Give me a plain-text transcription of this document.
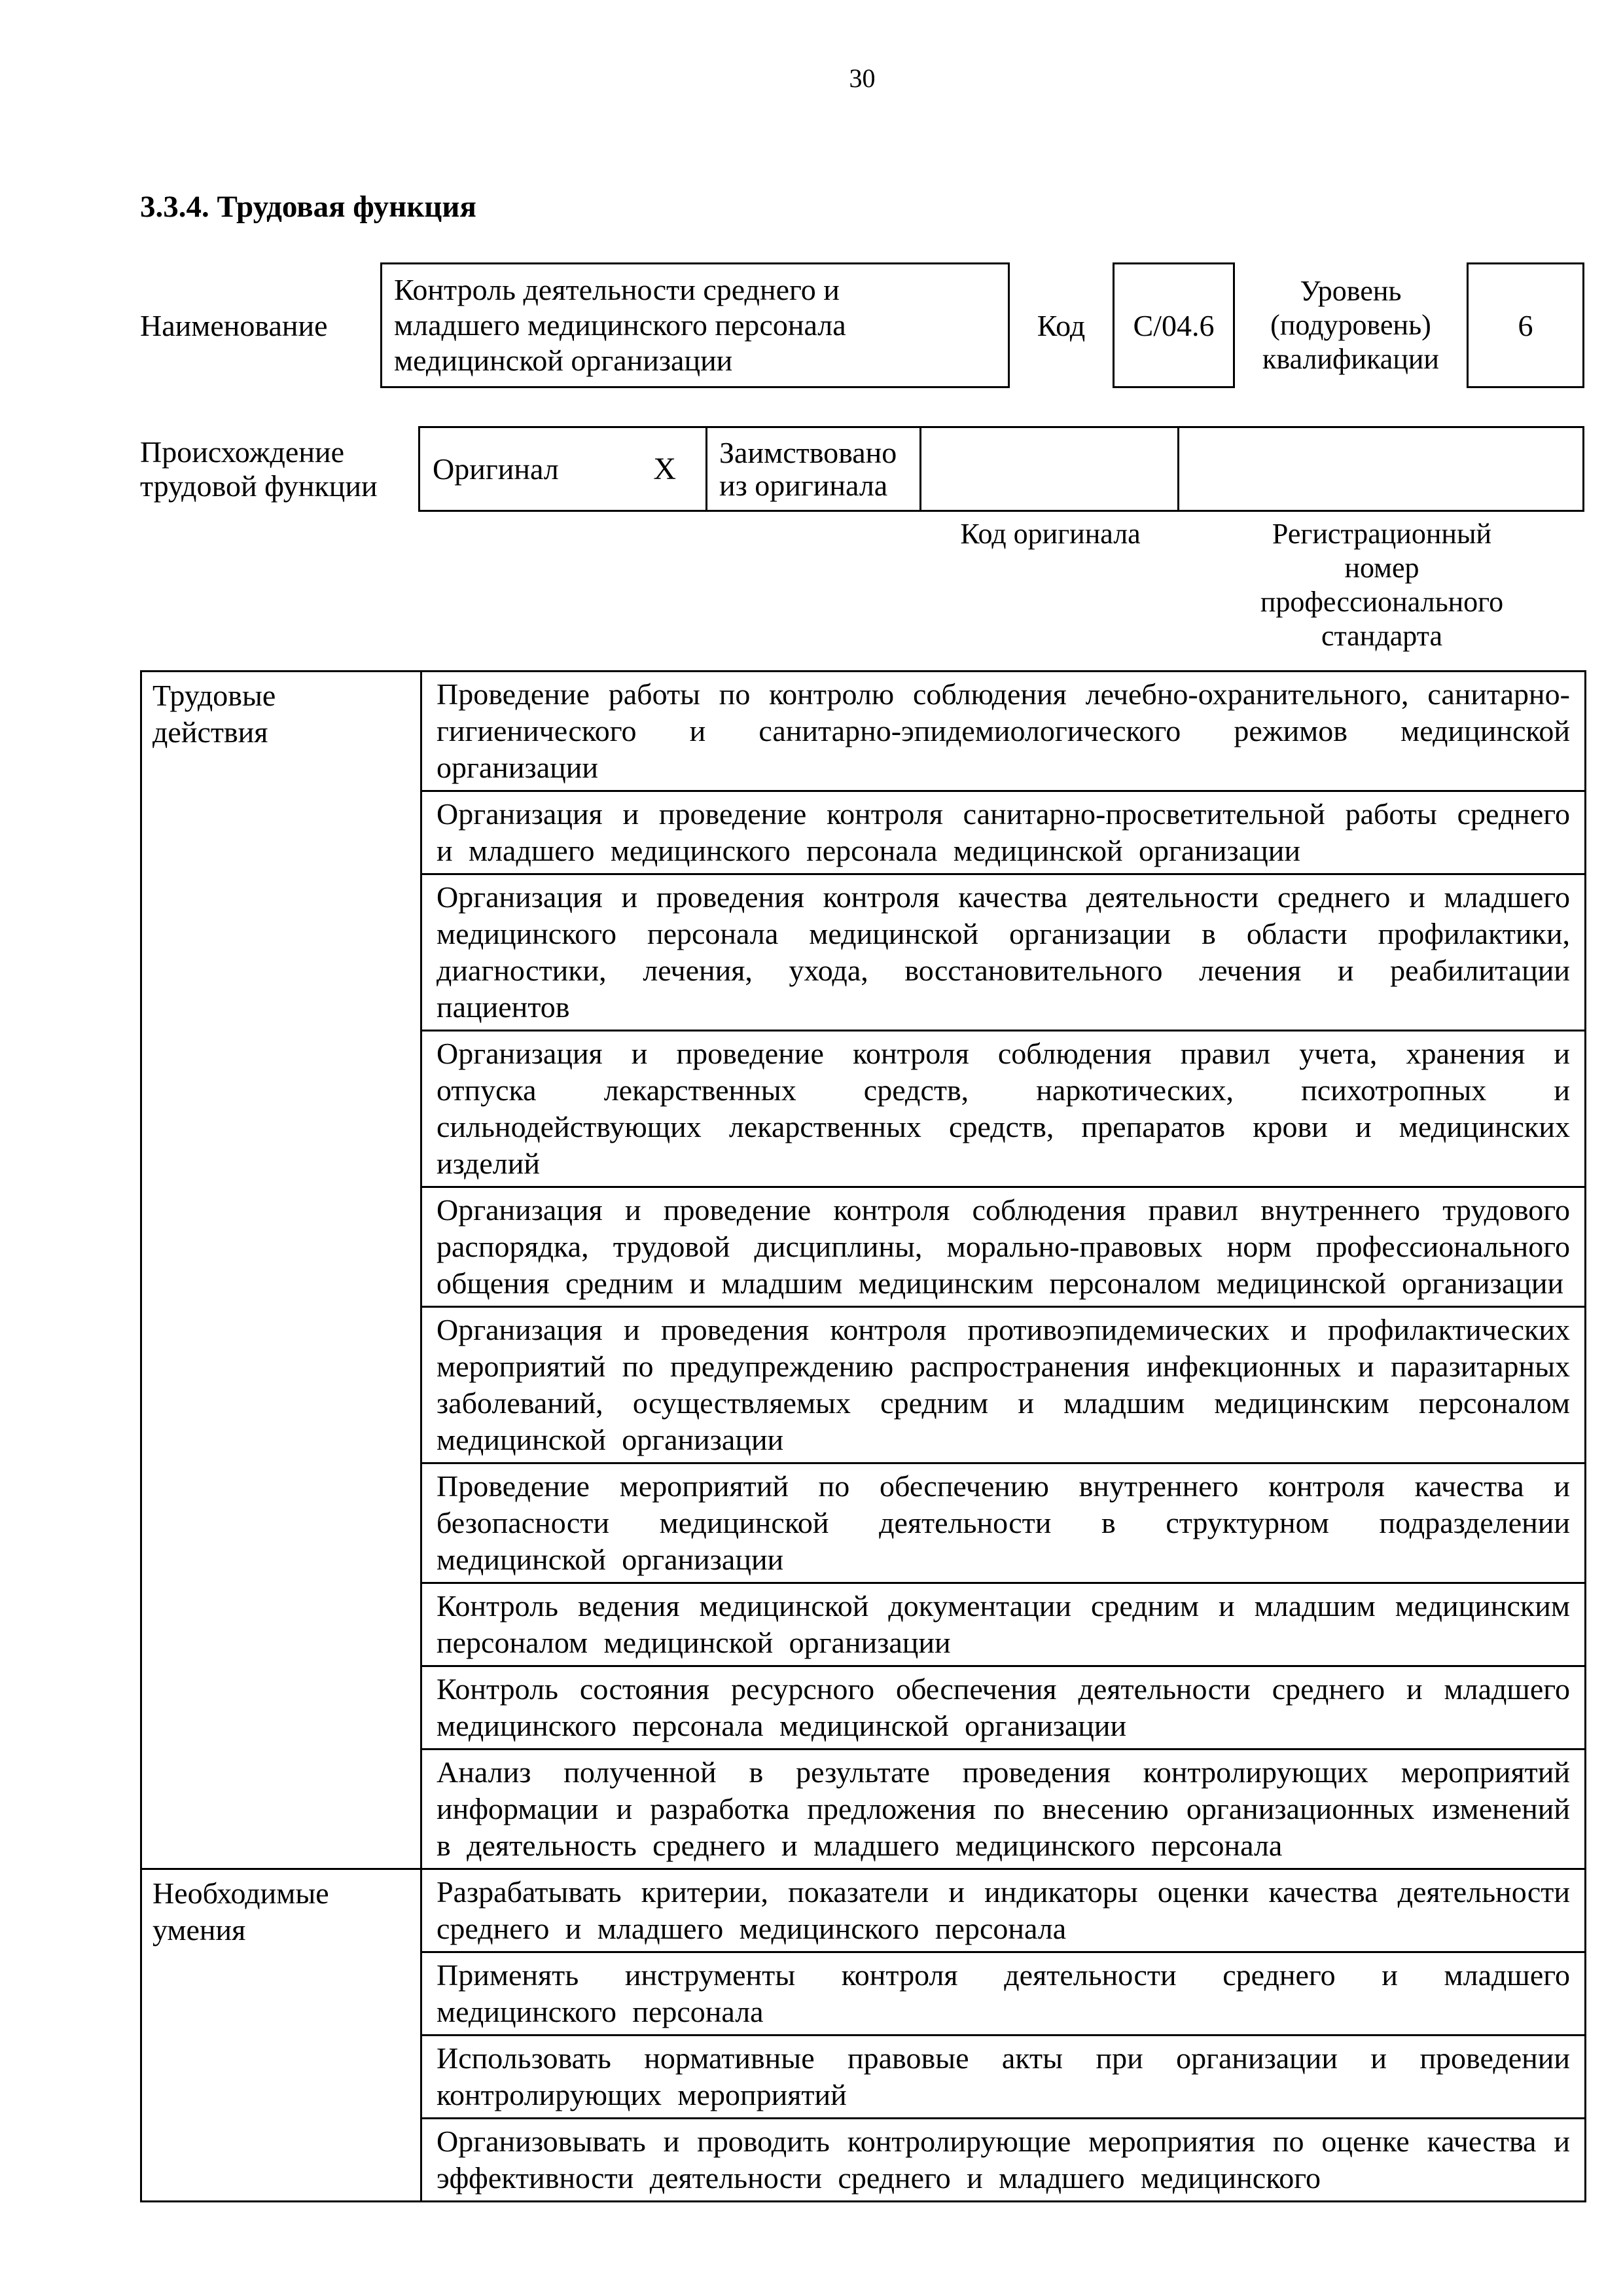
30
3.3.4. Трудовая функция
Наименование
Контроль деятельности среднего и младшего медицинского персонала медицинской организации
Код	С/04.6
Уровень (подуровень) квалификации
6
Происхождение трудовой функции
Оригинал	X	Заимствовано из оригинала		
Код оригинала	Регистрационный номер профессионального стандарта
Трудовые действия	Проведение работы по контролю соблюдения лечебно-охранительного, санитарно-гигиенического и санитарно-эпидемиологического режимов медицинской организации
	Организация и проведение контроля санитарно-просветительной работы среднего и младшего медицинского персонала медицинской организации
	Организация и проведения контроля качества деятельности среднего и младшего медицинского персонала медицинской организации в области профилактики, диагностики, лечения, ухода, восстановительного лечения и реабилитации пациентов
	Организация и проведение контроля соблюдения правил учета, хранения и отпуска лекарственных средств, наркотических, психотропных и сильнодействующих лекарственных средств, препаратов крови и медицинских изделий
	Организация и проведение контроля соблюдения правил внутреннего трудового распорядка, трудовой дисциплины, морально-правовых норм профессионального общения средним и младшим медицинским персоналом медицинской организации
	Организация и проведения контроля противоэпидемических и профилактических мероприятий по предупреждению распространения инфекционных и паразитарных заболеваний, осуществляемых средним и младшим медицинским персоналом медицинской организации
	Проведение мероприятий по обеспечению внутреннего контроля качества и безопасности медицинской деятельности в структурном подразделении медицинской организации
	Контроль ведения медицинской документации средним и младшим медицинским персоналом медицинской организации
	Контроль состояния ресурсного обеспечения деятельности среднего и младшего медицинского персонала медицинской организации
	Анализ полученной в результате проведения контролирующих мероприятий информации и разработка предложения по внесению организационных изменений в деятельность среднего и младшего медицинского персонала
Необходимые умения	Разрабатывать критерии, показатели и индикаторы оценки качества деятельности среднего и младшего медицинского персонала
	Применять инструменты контроля деятельности среднего и младшего медицинского персонала
	Использовать нормативные правовые акты при организации и проведении контролирующих мероприятий
	Организовывать и проводить контролирующие мероприятия по оценке качества и эффективности деятельности среднего и младшего медицинского
